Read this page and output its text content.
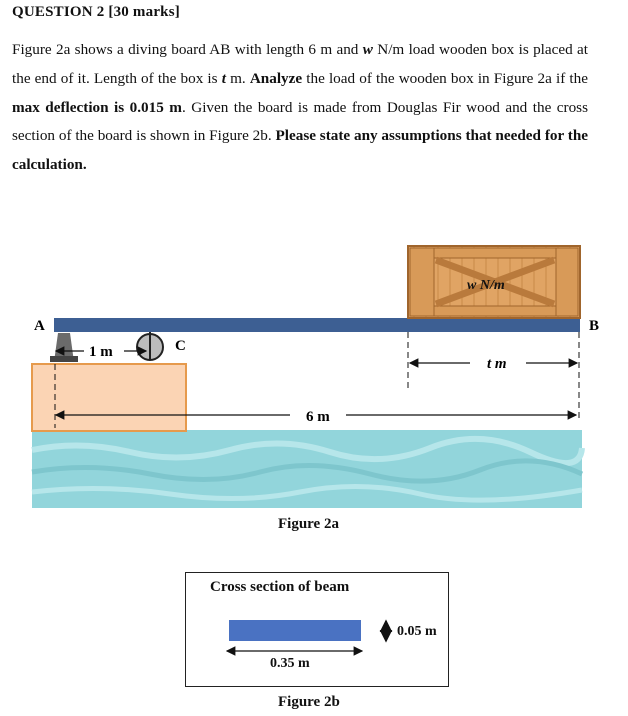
QUESTION 2 [30 marks]
Figure 2a shows a diving board AB with length 6 m and w N/m load wooden box is placed at the end of it. Length of the box is t m. Analyze the load of the wooden box in Figure 2a if the max deflection is 0.015 m. Given the board is made from Douglas Fir wood and the cross section of the board is shown in Figure 2b. Please state any assumptions that needed for the calculation.
w N/m
A	B
C
1 m
6 m
t m
Figure 2a
Cross section of beam
0.35 m
0.05 m
Figure 2b
